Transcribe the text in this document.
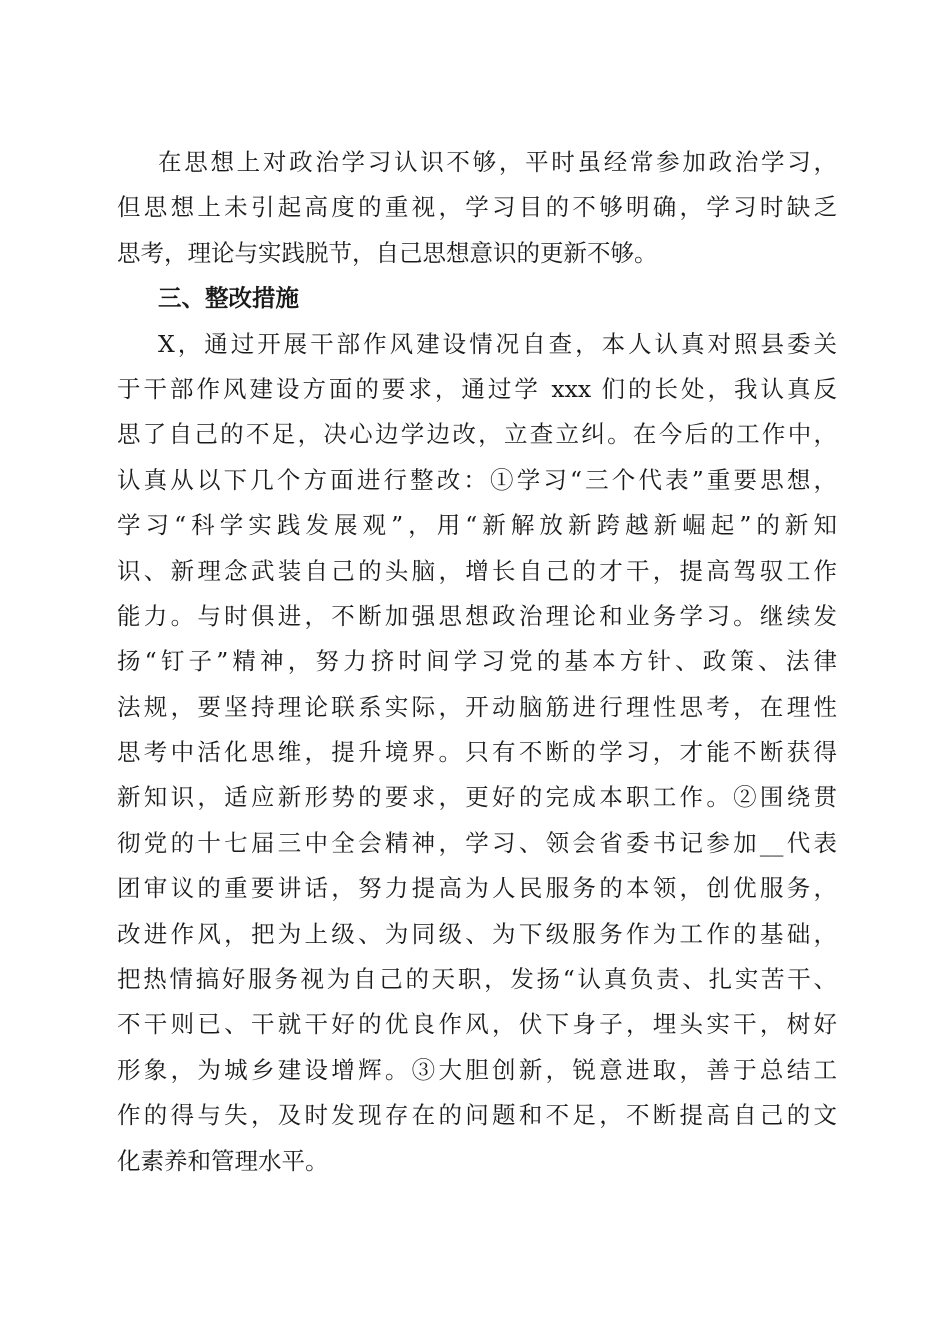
在思想上对政治学习认识不够，平时虽经常参加政治学习，
但思想上未引起高度的重视，学习目的不够明确，学习时缺乏
思考，理论与实践脱节，自己思想意识的更新不够。
三、整改措施
X，通过开展干部作风建设情况自查，本人认真对照县委关
于干部作风建设方面的要求，通过学 xxx 们的长处，我认真反
思了自己的不足，决心边学边改，立查立纠。在今后的工作中，
认真从以下几个方面进行整改：①学习“三个代表”重要思想，
学习“科学实践发展观”，用“新解放新跨越新崛起”的新知
识、新理念武装自己的头脑，增长自己的才干，提高驾驭工作
能力。与时俱进，不断加强思想政治理论和业务学习。继续发
扬“钉子”精神，努力挤时间学习党的基本方针、政策、法律
法规，要坚持理论联系实际，开动脑筋进行理性思考，在理性
思考中活化思维，提升境界。只有不断的学习，才能不断获得
新知识，适应新形势的要求，更好的完成本职工作。②围绕贯
彻党的十七届三中全会精神，学习、领会省委书记参加__代表
团审议的重要讲话，努力提高为人民服务的本领，创优服务，
改进作风，把为上级、为同级、为下级服务作为工作的基础，
把热情搞好服务视为自己的天职，发扬“认真负责、扎实苦干、
不干则已、干就干好的优良作风，伏下身子，埋头实干，树好
形象，为城乡建设增辉。③大胆创新，锐意进取，善于总结工
作的得与失，及时发现存在的问题和不足，不断提高自己的文
化素养和管理水平。
